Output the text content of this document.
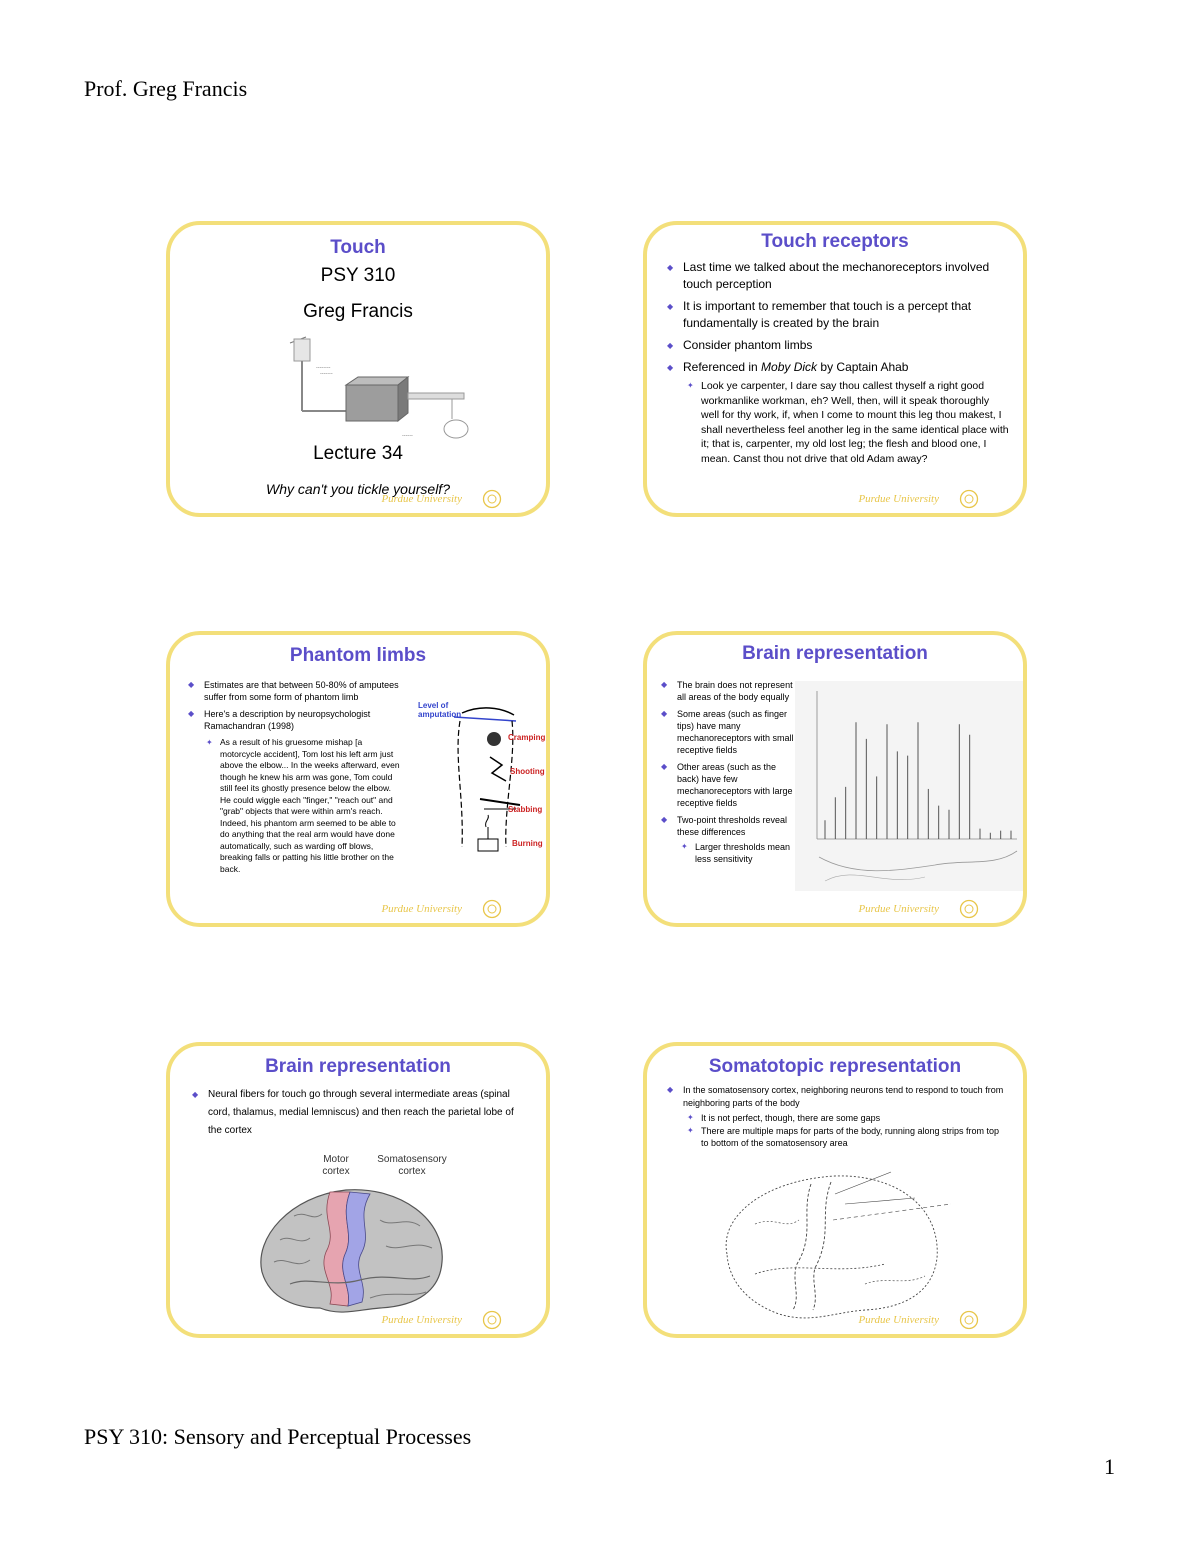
Prof. Greg Francis
Touch
PSY 310
Greg Francis
--------
-------
------
Lecture 34
Why can't you tickle yourself?
Purdue University
Touch receptors
◆ Last time we talked about the mechanoreceptors involved touch perception
◆ It is important to remember that touch is a percept that fundamentally is created by the brain
◆ Consider phantom limbs
◆ Referenced in Moby Dick by Captain Ahab
✦ Look ye carpenter, I dare say thou callest thyself a right good workmanlike workman, eh? Well, then, will it speak thoroughly well for thy work, if, when I come to mount this leg thou makest, I shall nevertheless feel another leg in the same identical place with it; that is, carpenter, my old lost leg; the flesh and blood one, I mean. Canst thou not drive that old Adam away?
Purdue University
Phantom limbs
◆ Estimates are that between 50-80% of amputees suffer from some form of phantom limb
◆ Here's a description by neuropsychologist Ramachandran (1998)
✦ As a result of his gruesome mishap [a motorcycle accident], Tom lost his left arm just above the elbow... In the weeks afterward, even though he knew his arm was gone, Tom could still feel its ghostly presence below the elbow. He could wiggle each "finger," "reach out" and "grab" objects that were within arm's reach. Indeed, his phantom arm seemed to be able to do anything that the real arm would have done automatically, such as warding off blows, breaking falls or patting his little brother on the back.
Level of amputation
Cramping
Shooting
Stabbing
Burning
Purdue University
Brain representation
◆ The brain does not represent all areas of the body equally
◆ Some areas (such as finger tips) have many mechanoreceptors with small receptive fields
◆ Other areas (such as the back) have few mechanoreceptors with large receptive fields
◆ Two-point thresholds reveal these differences
✦ Larger thresholds mean less sensitivity
Purdue University
Brain representation
◆ Neural fibers for touch go through several intermediate areas (spinal cord, thalamus, medial lemniscus) and then reach the parietal lobe of the cortex
Motor cortex
Somatosensory cortex
Purdue University
Somatotopic representation
◆ In the somatosensory cortex, neighboring neurons tend to respond to touch from neighboring parts of the body
✦ It is not perfect, though, there are some gaps
✦ There are multiple maps for parts of the body, running along strips from top to bottom of the somatosensory area
Purdue University
PSY 310: Sensory and Perceptual Processes
1
